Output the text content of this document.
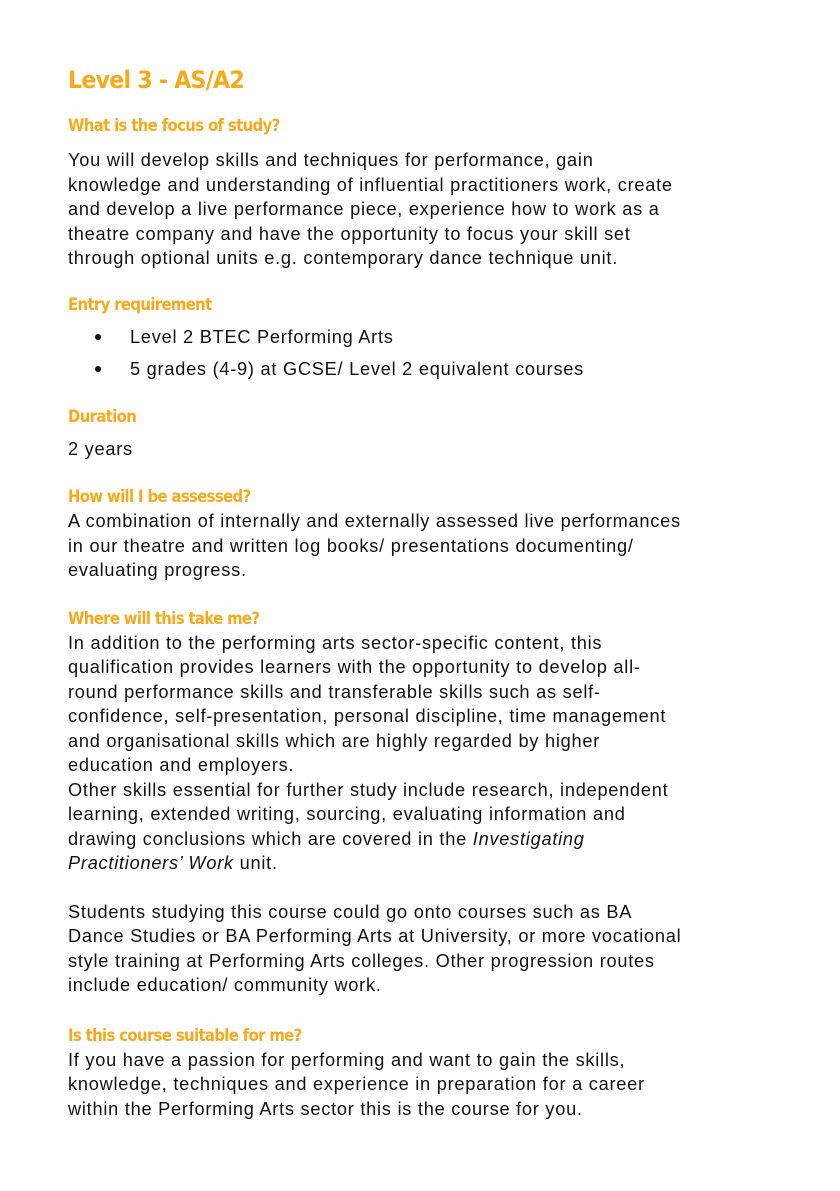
Level 3 - AS/A2
What is the focus of study?

You will develop skills and techniques for performance, gain
knowledge and understanding of influential practitioners work, create
and develop a live performance piece, experience how to work as a
theatre company and have the opportunity to focus your skill set
through optional units e.g. contemporary dance technique unit.

Entry requirement
Level 2 BTEC Performing Arts
5 grades (4-9) at GCSE/ Level 2 equivalent courses
Duration

2 years

How will I be assessed?

A combination of internally and externally assessed live performances
in our theatre and written log books/ presentations documenting/
evaluating progress.

Where will this take me?

In addition to the performing arts sector-specific content, this
qualification provides learners with the opportunity to develop all-
round performance skills and transferable skills such as self-
confidence, self-presentation, personal discipline, time management
and organisational skills which are highly regarded by higher
education and employers.

Other skills essential for further study include research, independent
learning, extended writing, sourcing, evaluating information and
drawing conclusions which are covered in the Investigating
Practitioners’ Work unit.

Students studying this course could go onto courses such as BA
Dance Studies or BA Performing Arts at University, or more vocational
style training at Performing Arts colleges. Other progression routes
include education/ community work.

Is this course suitable for me?

If you have a passion for performing and want to gain the skills,
knowledge, techniques and experience in preparation for a career
within the Performing Arts sector this is the course for you.
